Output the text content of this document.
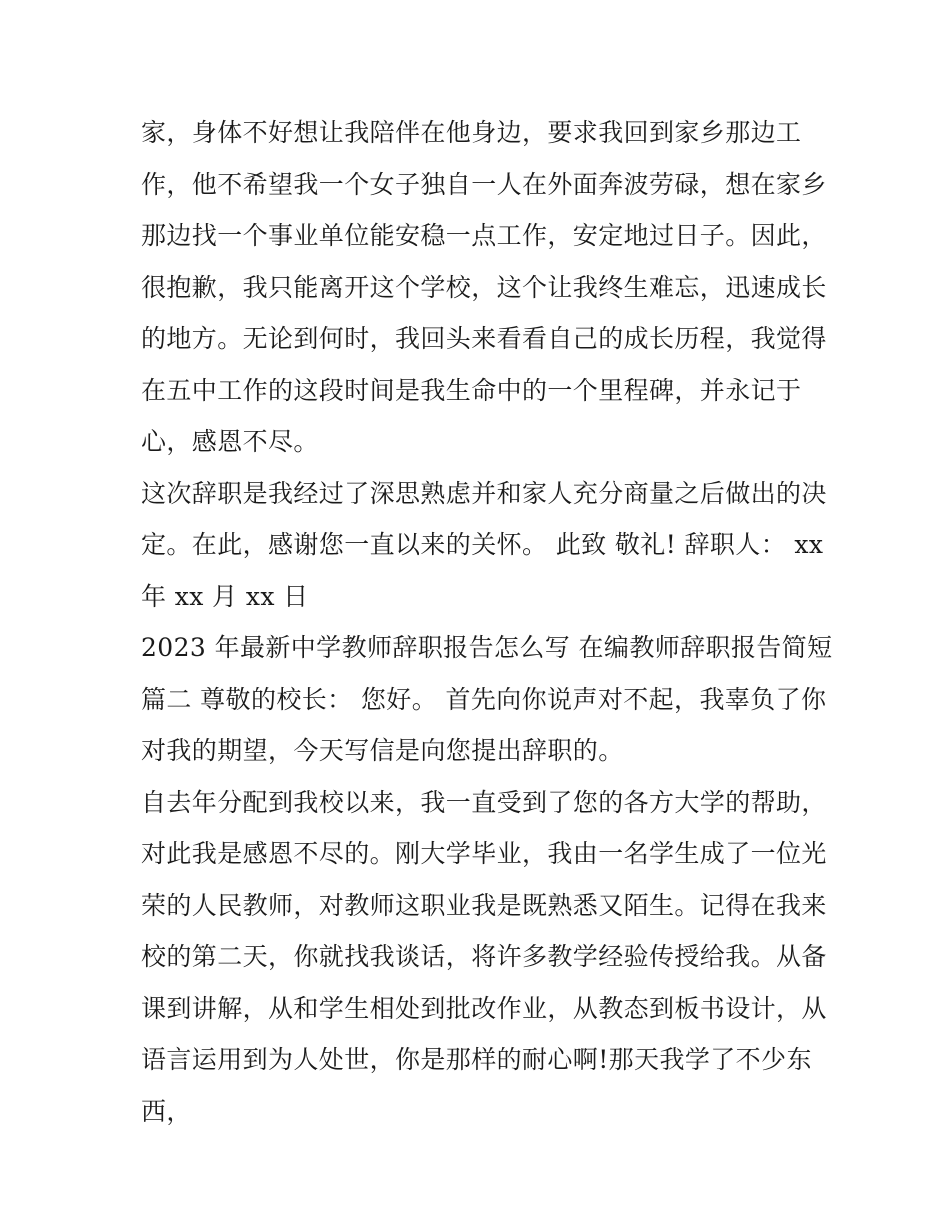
家，身体不好想让我陪伴在他身边，要求我回到家乡那边工
作，他不希望我一个女子独自一人在外面奔波劳碌，想在家乡
那边找一个事业单位能安稳一点工作，安定地过日子。因此，
很抱歉，我只能离开这个学校，这个让我终生难忘，迅速成长
的地方。无论到何时，我回头来看看自己的成长历程，我觉得
在五中工作的这段时间是我生命中的一个里程碑，并永记于
心，感恩不尽。
这次辞职是我经过了深思熟虑并和家人充分商量之后做出的决
定。在此，感谢您一直以来的关怀。 此致 敬礼! 辞职人： xx
年 xx 月 xx 日
2023 年最新中学教师辞职报告怎么写 在编教师辞职报告简短
篇二 尊敬的校长： 您好。 首先向你说声对不起，我辜负了你
对我的期望，今天写信是向您提出辞职的。
自去年分配到我校以来，我一直受到了您的各方大学的帮助，
对此我是感恩不尽的。刚大学毕业，我由一名学生成了一位光
荣的人民教师，对教师这职业我是既熟悉又陌生。记得在我来
校的第二天，你就找我谈话，将许多教学经验传授给我。从备
课到讲解，从和学生相处到批改作业，从教态到板书设计，从
语言运用到为人处世，你是那样的耐心啊!那天我学了不少东
西，
